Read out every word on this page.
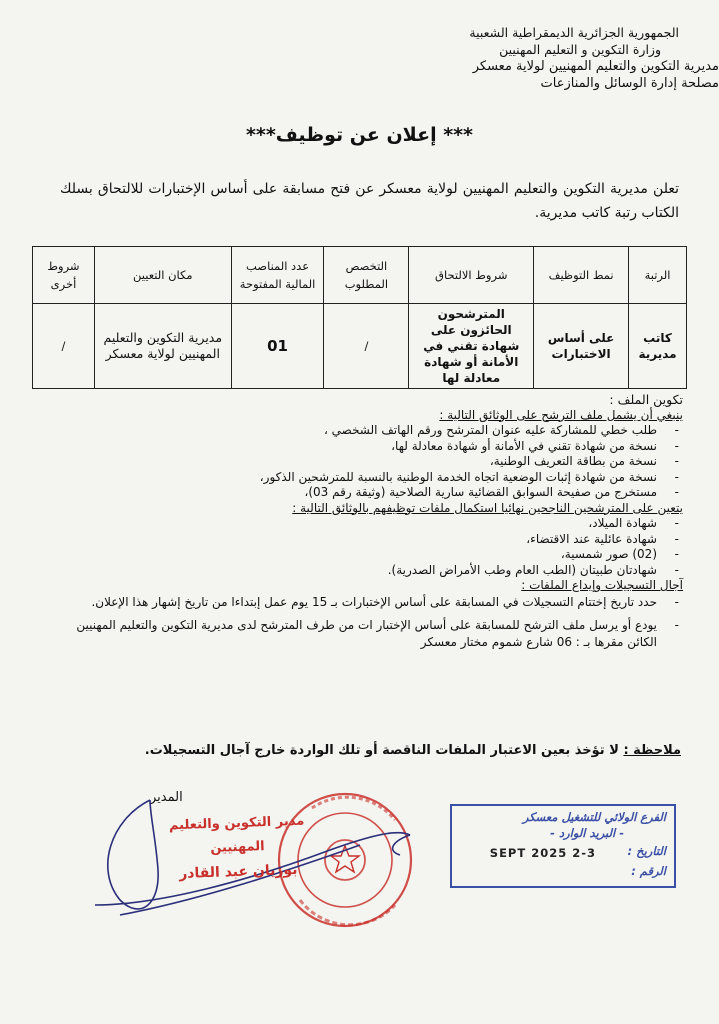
الجمهورية الجزائرية الديمقراطية الشعبية
وزارة التكوين و التعليم المهنيين
مديرية التكوين والتعليم المهنيين لولاية معسكر
مصلحة إدارة الوسائل والمنازعات
*** إعلان عن توظيف***
تعلن مديرية التكوين والتعليم المهنيين لولاية معسكر عن فتح مسابقة على أساس الإختبارات للالتحاق بسلك الكتاب رتبة كاتب مديرية.
الرتبة	نمط التوظيف	شروط الالتحاق	التخصص المطلوب	عدد المناصب المالية المفتوحة	مكان التعيين	شروط أخرى
كاتب مديرية	على أساس الاختبارات	المترشحون الحائزون على شهادة تقني في الأمانة أو شهادة معادلة لها	/	01	مديرية التكوين والتعليم المهنيين لولاية معسكر	/
تكوين الملف :
ينبغي أن يشمل ملف الترشح على الوثائق التالية :
- طلب خطي للمشاركة عليه عنوان المترشح ورقم الهاتف الشخصي ،
- نسخة من شهادة تقني في الأمانة أو شهادة معادلة لها،
- نسخة من بطاقة التعريف الوطنية،
- نسخة من شهادة إثبات الوضعية اتجاه الخدمة الوطنية بالنسبة للمترشحين الذكور،
- مستخرج من صفيحة السوابق القضائية سارية الصلاحية (وثيقة رقم 03)،
يتعين على المترشحين الناجحين نهائيا استكمال ملفات توظيفهم بالوثائق التالية :
- شهادة الميلاد،
- شهادة عائلية عند الاقتضاء،
- (02) صور شمسية،
- شهادتان طبيتان (الطب العام وطب الأمراض الصدرية).
آجال التسجيلات وإيداع الملفات :
- حدد تاريخ إختتام التسجيلات في المسابقة على أساس الإختبارات بـ 15 يوم عمل إبتداءا من تاريخ إشهار هذا الإعلان.
- يودع أو يرسل ملف الترشح للمسابقة على أساس الإختبار ات من طرف المترشح لدى مديرية التكوين والتعليم المهنيين الكائن مقرها بـ : 06 شارع شموم مختار معسكر
ملاحظة : لا تؤخذ بعين الاعتبار الملفات الناقصة أو تلك الواردة خارج آجال التسجيلات.
المدير
مدير التكوين والتعليم المهنيين
بوزيان عبد القادر
الفرع الولائي للتشغيل معسكر
- البريد الوارد -
التاريخ :
2-3 SEPT 2025
الرقم :
